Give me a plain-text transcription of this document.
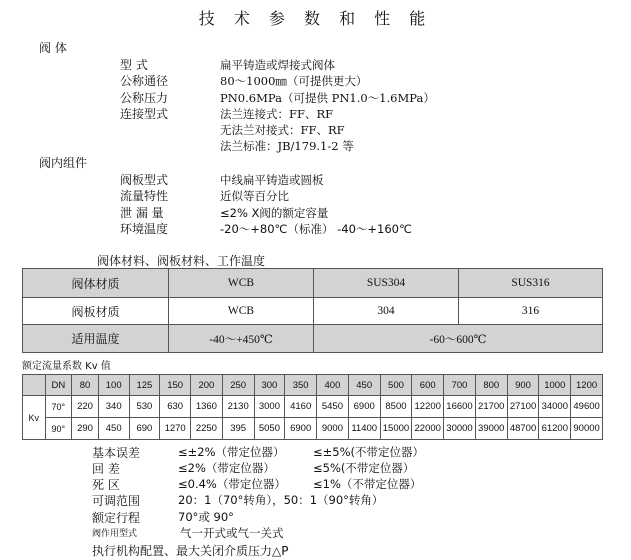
技 术 参 数 和 性 能
阀 体
型 式	扁平铸造或焊接式阀体
公称通径	80～1000㎜（可提供更大）
公称压力	PN0.6MPa（可提供 PN1.0～1.6MPa）
连接型式	法兰连接式：FF、RF
无法兰对接式：FF、RF
法兰标准：JB/179.1-2 等
阀内组件
阀板型式	中线扁平铸造或圆板
流量特性	近似等百分比
泄 漏 量	≤2% X阀的额定容量
环境温度	-20～+80℃（标准） -40～+160℃
阀体材料、阀板材料、工作温度
阀体材质	WCB	SUS304	SUS316
阀板材质	WCB	304	316
适用温度	-40～+450℃	-60～600℃	
额定流量系数 Kv 值
	DN	80	100	125	150	200	250	300	350	400	450	500	600	700	800	900	1000	1200
Kv	70°	220	340	530	630	1360	2130	3000	4160	5450	6900	8500	12200	16600	21700	27100	34000	49600
	90°	290	450	690	1270	2250	395	5050	6900	9000	11400	15000	22000	30000	39000	48700	61200	90000
基本误差	≤±2%（带定位器） ≤±5%(不带定位器）
回 差	≤2%（带定位器）	≤5%(不带定位器）
死 区	≤0.4%（带定位器） ≤1%（不带定位器）
可调范围	20：1（70°转角），50：1（90°转角）
额定行程	70°或 90°
阀作用型式	气一开式或气一关式
执行机构配置、最大关闭介质压力△P
